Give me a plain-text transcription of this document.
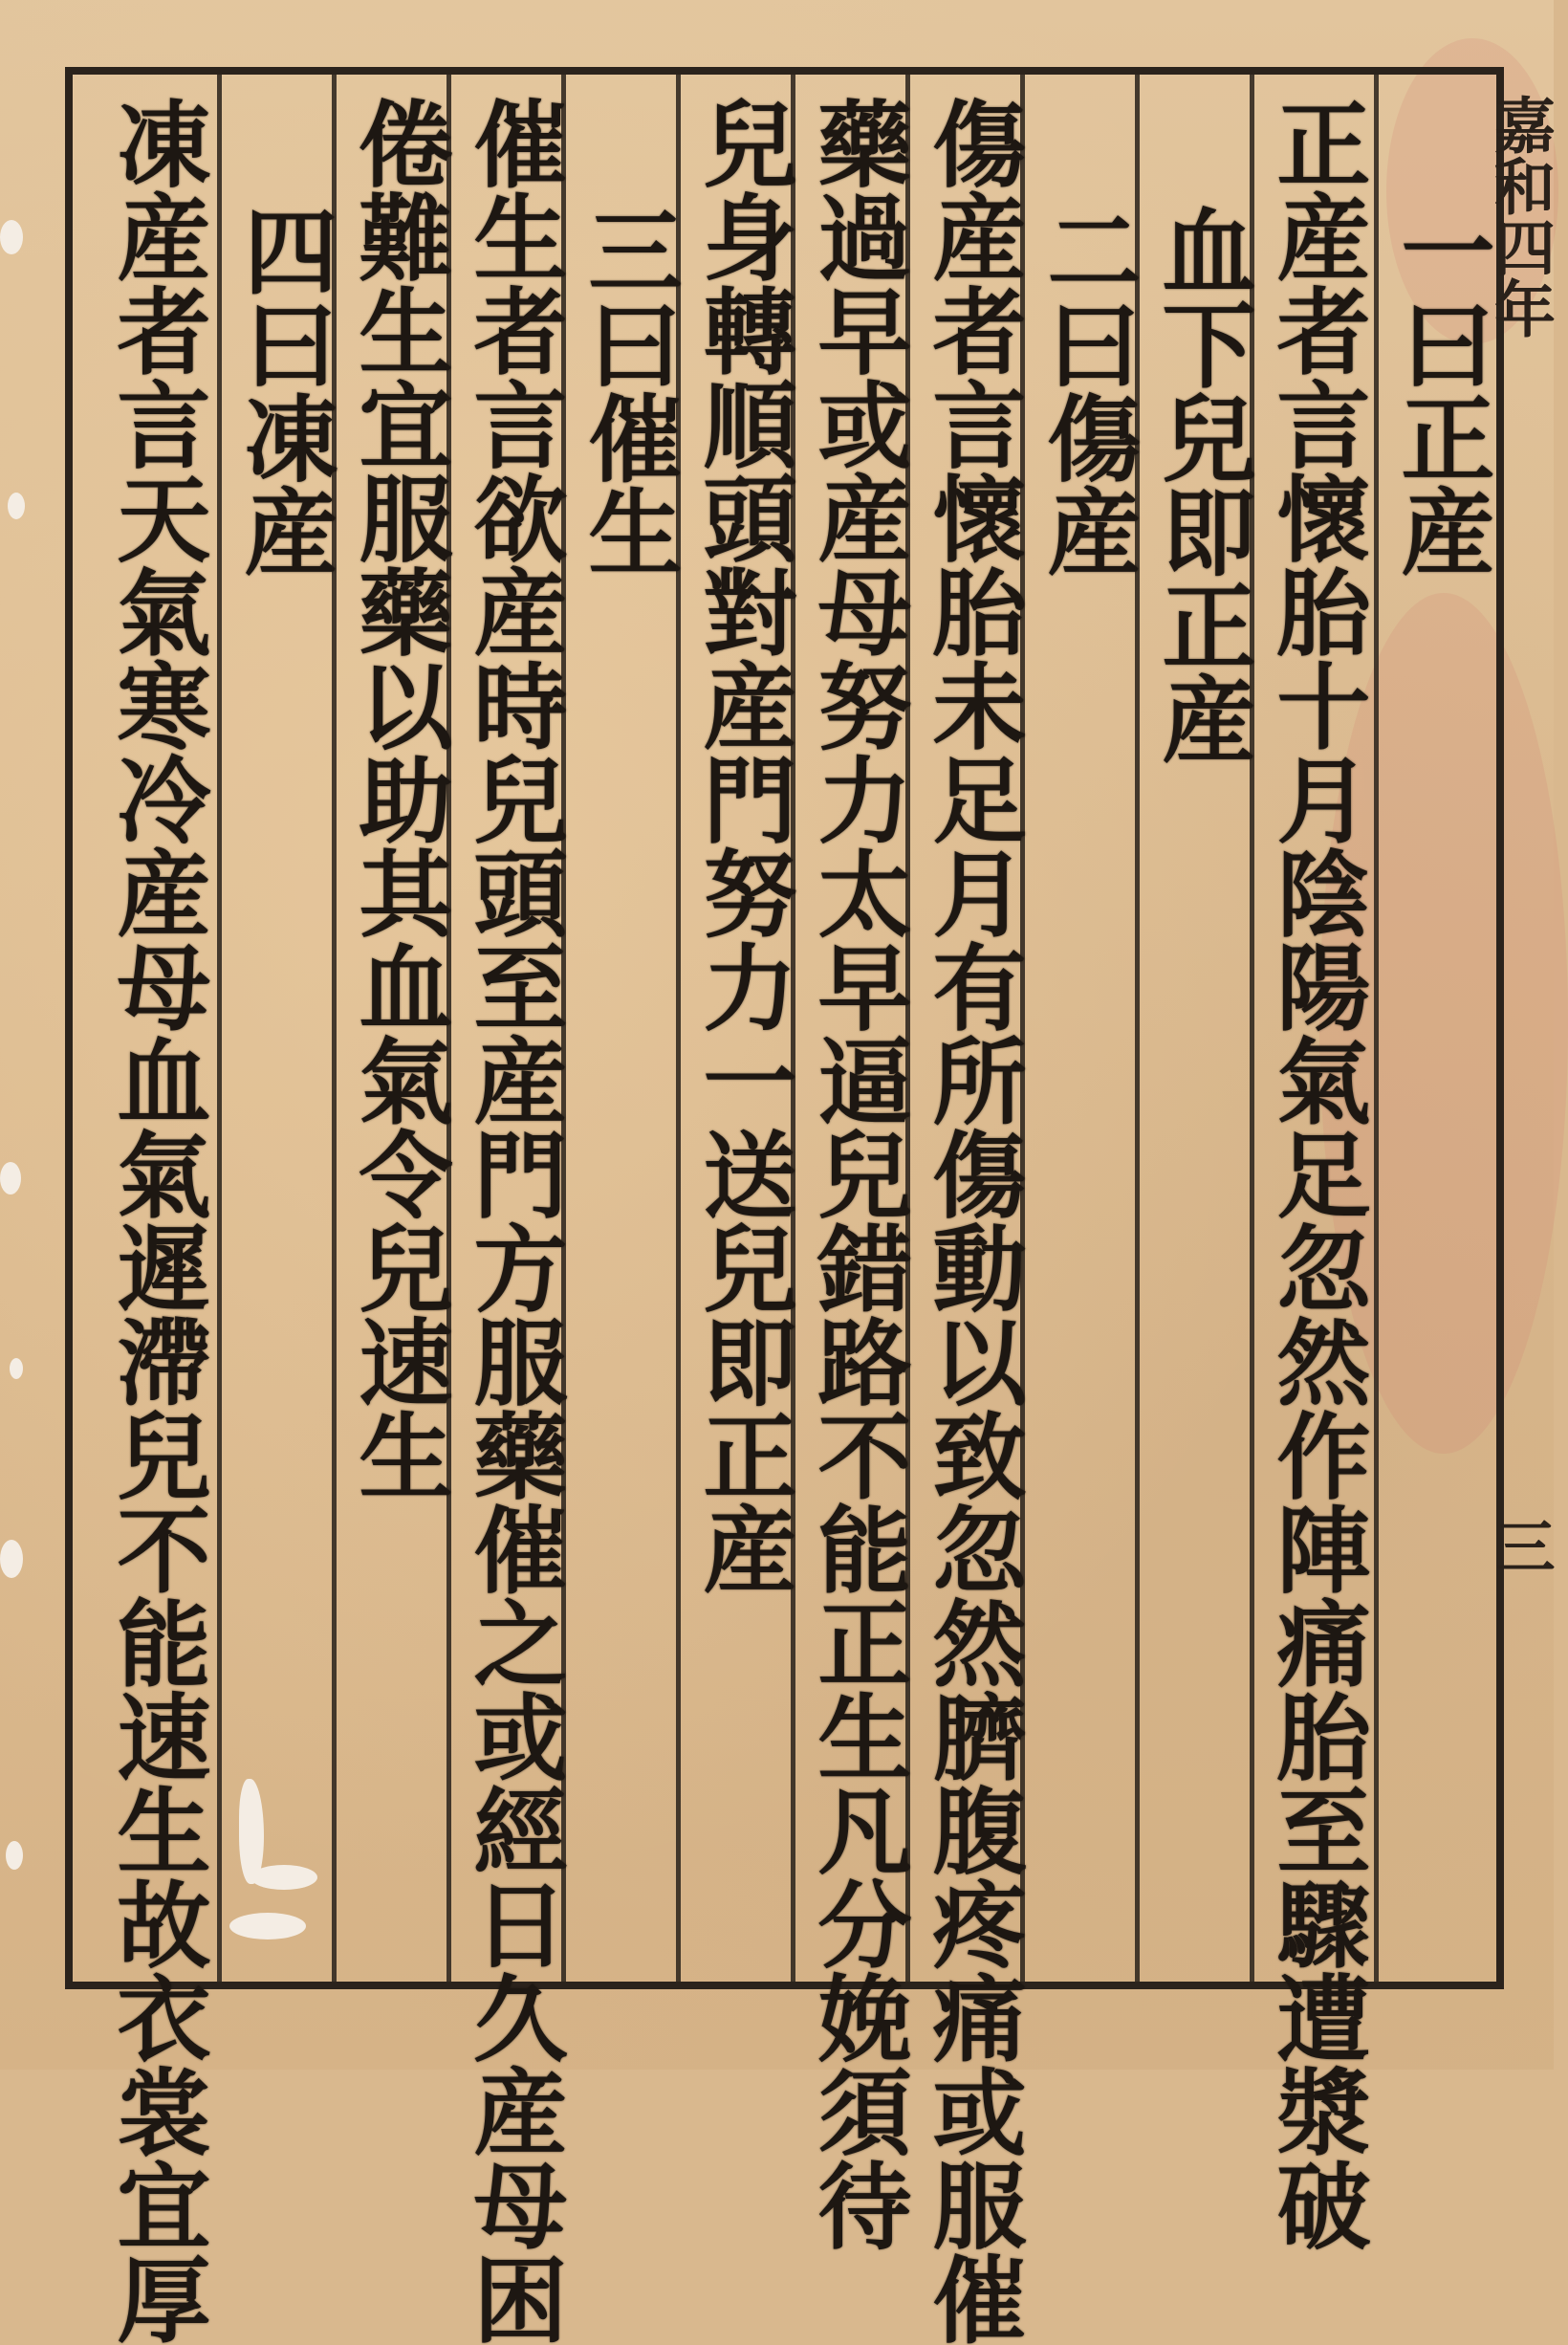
嘉和四年
三
一曰正産
正産者言懷胎十月陰陽氣足忽然作陣痛胎至驟遭漿破
血下兒即正産
二曰傷産
傷産者言懷胎未足月有所傷動以致忽然臍腹疼痛或服催
藥過早或産母努力太早逼兒錯路不能正生凡分娩須待
兒身轉順頭對産門努力一送兒即正産
三曰催生
催生者言欲産時兒頭至産門方服藥催之或經日久産母困
倦難生宜服藥以助其血氣令兒速生
四曰凍産
凍産者言天氣寒冷産母血氣遲滯兒不能速生故衣裳宜厚
